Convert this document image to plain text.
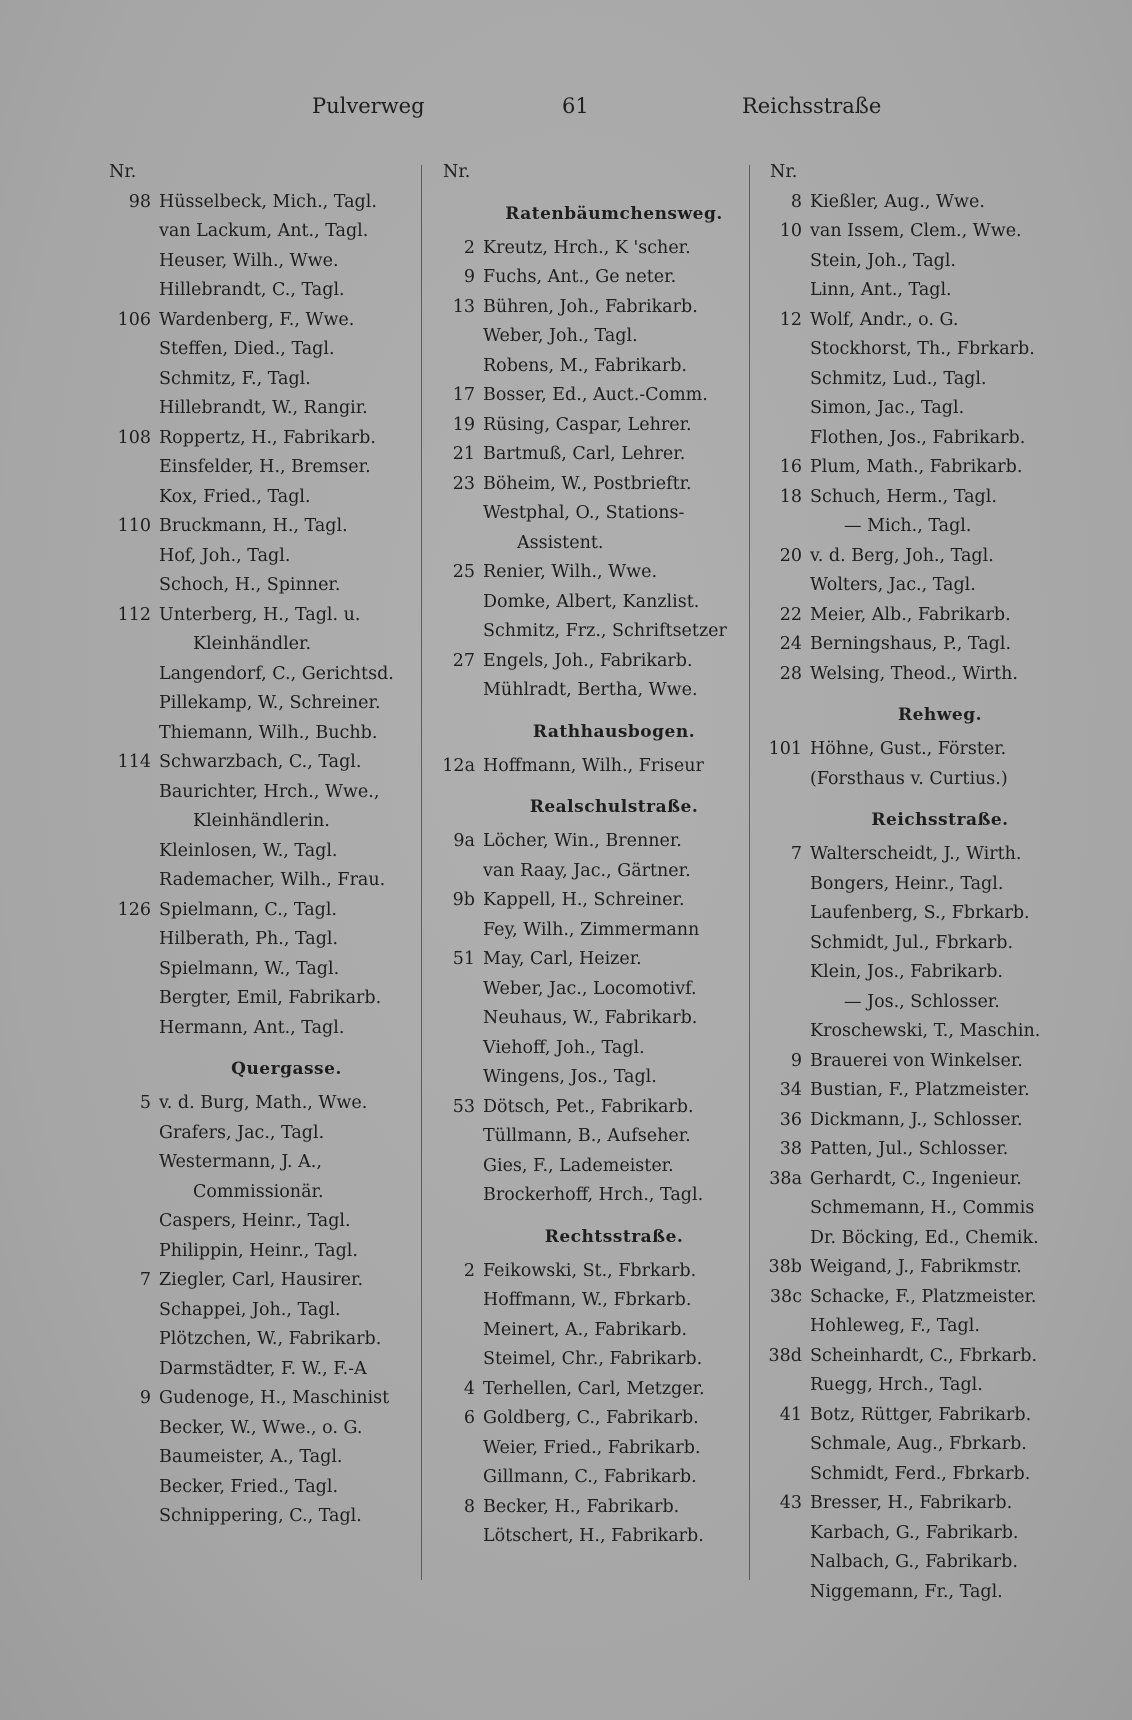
Pulverweg	61	Reichsstraße
Nr.
98 Hüsselbeck, Mich., Tagl.
van Lackum, Ant., Tagl.
Heuser, Wilh., Wwe.
Hillebrandt, C., Tagl.
106 Wardenberg, F., Wwe.
Steffen, Died., Tagl.
Schmitz, F., Tagl.
Hillebrandt, W., Rangir.
108 Roppertz, H., Fabrikarb.
Einsfelder, H., Bremser.
Kox, Fried., Tagl.
110 Bruckmann, H., Tagl.
Hof, Joh., Tagl.
Schoch, H., Spinner.
112 Unterberg, H., Tagl. u.
Kleinhändler.
Langendorf, C., Gerichtsd.
Pillekamp, W., Schreiner.
Thiemann, Wilh., Buchb.
114 Schwarzbach, C., Tagl.
Baurichter, Hrch., Wwe.,
Kleinhändlerin.
Kleinlosen, W., Tagl.
Rademacher, Wilh., Frau.
126 Spielmann, C., Tagl.
Hilberath, Ph., Tagl.
Spielmann, W., Tagl.
Bergter, Emil, Fabrikarb.
Hermann, Ant., Tagl.
Quergasse.
5 v. d. Burg, Math., Wwe.
Grafers, Jac., Tagl.
Westermann, J. A.,
Commissionär.
Caspers, Heinr., Tagl.
Philippin, Heinr., Tagl.
7 Ziegler, Carl, Hausirer.
Schappei, Joh., Tagl.
Plötzchen, W., Fabrikarb.
Darmstädter, F. W., F.-A
9 Gudenoge, H., Maschinist
Becker, W., Wwe., o. G.
Baumeister, A., Tagl.
Becker, Fried., Tagl.
Schnippering, C., Tagl.
Nr.
Ratenbäumchensweg.
2 Kreutz, Hrch., K 'scher.
9 Fuchs, Ant., Ge neter.
13 Bühren, Joh., Fabrikarb.
Weber, Joh., Tagl.
Robens, M., Fabrikarb.
17 Bosser, Ed., Auct.-Comm.
19 Rüsing, Caspar, Lehrer.
21 Bartmuß, Carl, Lehrer.
23 Böheim, W., Postbrieftr.
Westphal, O., Stations-
Assistent.
25 Renier, Wilh., Wwe.
Domke, Albert, Kanzlist.
Schmitz, Frz., Schriftsetzer
27 Engels, Joh., Fabrikarb.
Mühlradt, Bertha, Wwe.
Rathhausbogen.
12a Hoffmann, Wilh., Friseur
Realschulstraße.
9a Löcher, Win., Brenner.
van Raay, Jac., Gärtner.
9b Kappell, H., Schreiner.
Fey, Wilh., Zimmermann
51 May, Carl, Heizer.
Weber, Jac., Locomotivf.
Neuhaus, W., Fabrikarb.
Viehoff, Joh., Tagl.
Wingens, Jos., Tagl.
53 Dötsch, Pet., Fabrikarb.
Tüllmann, B., Aufseher.
Gies, F., Lademeister.
Brockerhoff, Hrch., Tagl.
Rechtsstraße.
2 Feikowski, St., Fbrkarb.
Hoffmann, W., Fbrkarb.
Meinert, A., Fabrikarb.
Steimel, Chr., Fabrikarb.
4 Terhellen, Carl, Metzger.
6 Goldberg, C., Fabrikarb.
Weier, Fried., Fabrikarb.
Gillmann, C., Fabrikarb.
8 Becker, H., Fabrikarb.
Lötschert, H., Fabrikarb.
Nr.
8 Kießler, Aug., Wwe.
10 van Issem, Clem., Wwe.
Stein, Joh., Tagl.
Linn, Ant., Tagl.
12 Wolf, Andr., o. G.
Stockhorst, Th., Fbrkarb.
Schmitz, Lud., Tagl.
Simon, Jac., Tagl.
Flothen, Jos., Fabrikarb.
16 Plum, Math., Fabrikarb.
18 Schuch, Herm., Tagl.
— Mich., Tagl.
20 v. d. Berg, Joh., Tagl.
Wolters, Jac., Tagl.
22 Meier, Alb., Fabrikarb.
24 Berningshaus, P., Tagl.
28 Welsing, Theod., Wirth.
Rehweg.
101 Höhne, Gust., Förster.
(Forsthaus v. Curtius.)
Reichsstraße.
7 Walterscheidt, J., Wirth.
Bongers, Heinr., Tagl.
Laufenberg, S., Fbrkarb.
Schmidt, Jul., Fbrkarb.
Klein, Jos., Fabrikarb.
— Jos., Schlosser.
Kroschewski, T., Maschin.
9 Brauerei von Winkelser.
34 Bustian, F., Platzmeister.
36 Dickmann, J., Schlosser.
38 Patten, Jul., Schlosser.
38a Gerhardt, C., Ingenieur.
Schmemann, H., Commis
Dr. Böcking, Ed., Chemik.
38b Weigand, J., Fabrikmstr.
38c Schacke, F., Platzmeister.
Hohleweg, F., Tagl.
38d Scheinhardt, C., Fbrkarb.
Ruegg, Hrch., Tagl.
41 Botz, Rüttger, Fabrikarb.
Schmale, Aug., Fbrkarb.
Schmidt, Ferd., Fbrkarb.
43 Bresser, H., Fabrikarb.
Karbach, G., Fabrikarb.
Nalbach, G., Fabrikarb.
Niggemann, Fr., Tagl.
